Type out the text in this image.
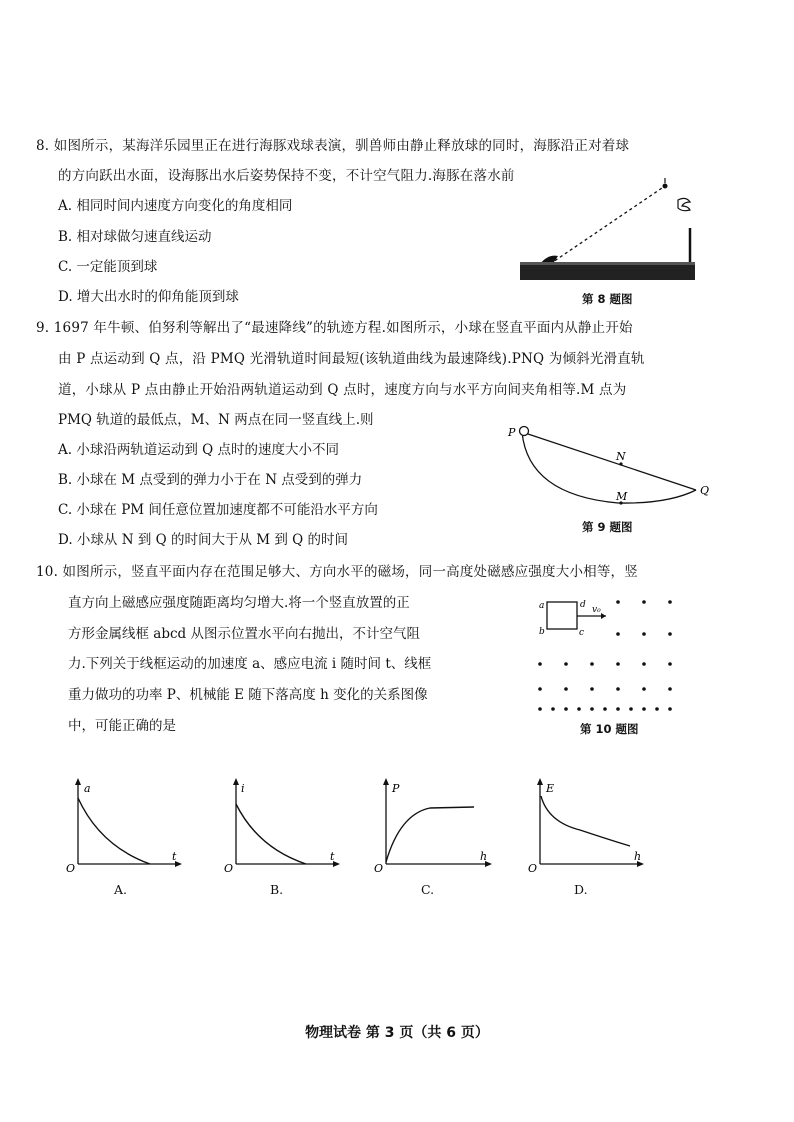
8. 如图所示，某海洋乐园里正在进行海豚戏球表演，驯兽师由静止释放球的同时，海豚沿正对着球
的方向跃出水面，设海豚出水后姿势保持不变，不计空气阻力.海豚在落水前
A. 相同时间内速度方向变化的角度相同
B. 相对球做匀速直线运动
C. 一定能顶到球
D. 增大出水时的仰角能顶到球	第 8 题图
9. 1697 年牛顿、伯努利等解出了“最速降线”的轨迹方程.如图所示，小球在竖直平面内从静止开始
由 P 点运动到 Q 点，沿 PMQ 光滑轨道时间最短(该轨道曲线为最速降线).PNQ 为倾斜光滑直轨
道，小球从 P 点由静止开始沿两轨道运动到 Q 点时，速度方向与水平方向间夹角相等.M 点为
PMQ 轨道的最低点，M、N 两点在同一竖直线上.则
A. 小球沿两轨道运动到 Q 点时的速度大小不同
B. 小球在 M 点受到的弹力小于在 N 点受到的弹力
C. 小球在 PM 间任意位置加速度都不可能沿水平方向
D. 小球从 N 到 Q 的时间大于从 M 到 Q 的时间
P
N
M	Q
第 9 题图
10. 如图所示，竖直平面内存在范围足够大、方向水平的磁场，同一高度处磁感应强度大小相等，竖
直方向上磁感应强度随距离均匀增大.将一个竖直放置的正
方形金属线框 abcd 从图示位置水平向右抛出，不计空气阻
力.下列关于线框运动的加速度 a、感应电流 i 随时间 t、线框
重力做功的功率 P、机械能 E 随下落高度 h 变化的关系图像
中，可能正确的是
a
b	c
d v₀
第 10 题图
a
t
O
i
t
O
P
h
O
E
h
O
A.	B.	C.	D.
物理试卷 第 3 页（共 6 页）
